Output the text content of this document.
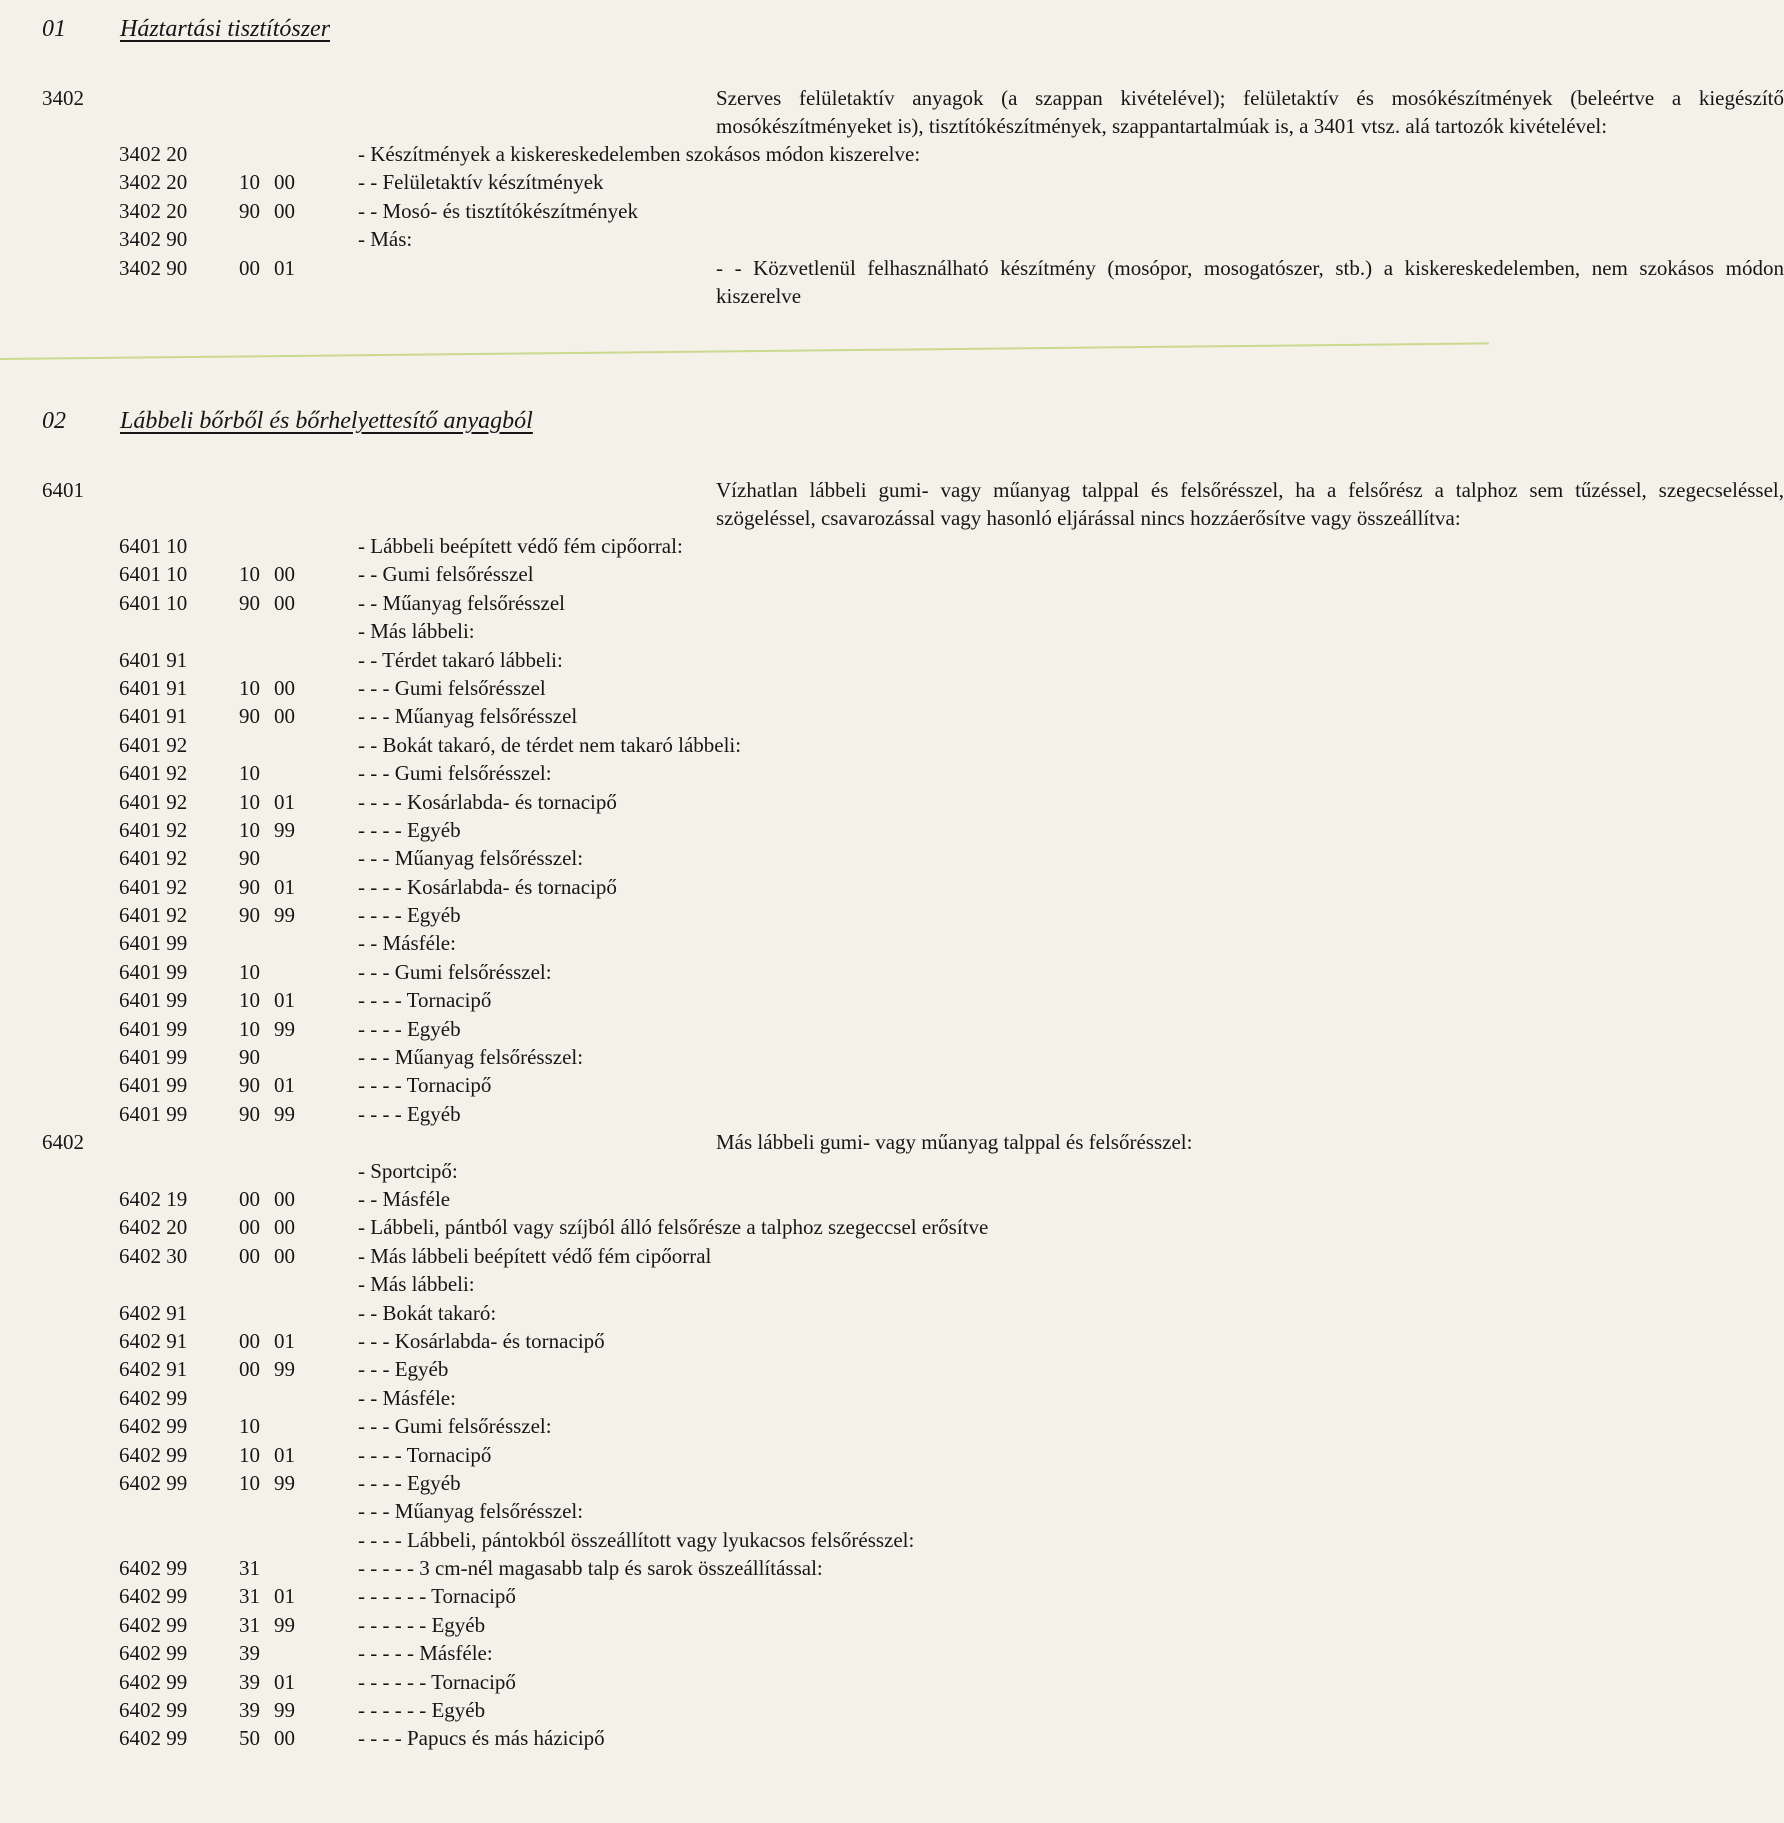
01 Háztartási tisztítószer
3402	Szerves felületaktív anyagok (a szappan kivételével); felületaktív és mosókészítmények (beleértve a kiegészítő mosókészítményeket is), tisztítókészítmények, szappantartalmúak is, a 3401 vtsz. alá tartozók kivételével:
3402 20	- Készítmények a kiskereskedelemben szokásos módon kiszerelve:
3402 20 10 00	- - Felületaktív készítmények
3402 20 90 00	- - Mosó- és tisztítókészítmények
3402 90	- Más:
3402 90 00 01	- - Közvetlenül felhasználható készítmény (mosópor, mosogatószer, stb.) a kiskereskedelemben, nem szokásos módon kiszerelve
02 Lábbeli bőrből és bőrhelyettesítő anyagból
6401	Vízhatlan lábbeli gumi- vagy műanyag talppal és felsőrésszel, ha a felsőrész a talphoz sem tűzéssel, szegecseléssel, szögeléssel, csavarozással vagy hasonló eljárással nincs hozzáerősítve vagy összeállítva:
6401 10	- Lábbeli beépített védő fém cipőorral:
6401 10 10 00	- - Gumi felsőrésszel
6401 10 90 00	- - Műanyag felsőrésszel
- Más lábbeli:
6401 91	- - Térdet takaró lábbeli:
6401 91 10 00	- - - Gumi felsőrésszel
6401 91 90 00	- - - Műanyag felsőrésszel
6401 92	- - Bokát takaró, de térdet nem takaró lábbeli:
6401 92 10	- - - Gumi felsőrésszel:
6401 92 10 01	- - - - Kosárlabda- és tornacipő
6401 92 10 99	- - - - Egyéb
6401 92 90	- - - Műanyag felsőrésszel:
6401 92 90 01	- - - - Kosárlabda- és tornacipő
6401 92 90 99	- - - - Egyéb
6401 99	- - Másféle:
6401 99 10	- - - Gumi felsőrésszel:
6401 99 10 01	- - - - Tornacipő
6401 99 10 99	- - - - Egyéb
6401 99 90	- - - Műanyag felsőrésszel:
6401 99 90 01	- - - - Tornacipő
6401 99 90 99	- - - - Egyéb
6402	Más lábbeli gumi- vagy műanyag talppal és felsőrésszel:
- Sportcipő:
6402 19 00 00	- - Másféle
6402 20 00 00	- Lábbeli, pántból vagy szíjból álló felsőrésze a talphoz szegeccsel erősítve
6402 30 00 00	- Más lábbeli beépített védő fém cipőorral
- Más lábbeli:
6402 91	- - Bokát takaró:
6402 91 00 01	- - - Kosárlabda- és tornacipő
6402 91 00 99	- - - Egyéb
6402 99	- - Másféle:
6402 99 10	- - - Gumi felsőrésszel:
6402 99 10 01	- - - - Tornacipő
6402 99 10 99	- - - - Egyéb
- - - Műanyag felsőrésszel:
- - - - Lábbeli, pántokból összeállított vagy lyukacsos felsőrésszel:
6402 99 31	- - - - - 3 cm-nél magasabb talp és sarok összeállítással:
6402 99 31 01	- - - - - - Tornacipő
6402 99 31 99	- - - - - - Egyéb
6402 99 39	- - - - - Másféle:
6402 99 39 01	- - - - - - Tornacipő
6402 99 39 99	- - - - - - Egyéb
6402 99 50 00	- - - - Papucs és más házicipő
